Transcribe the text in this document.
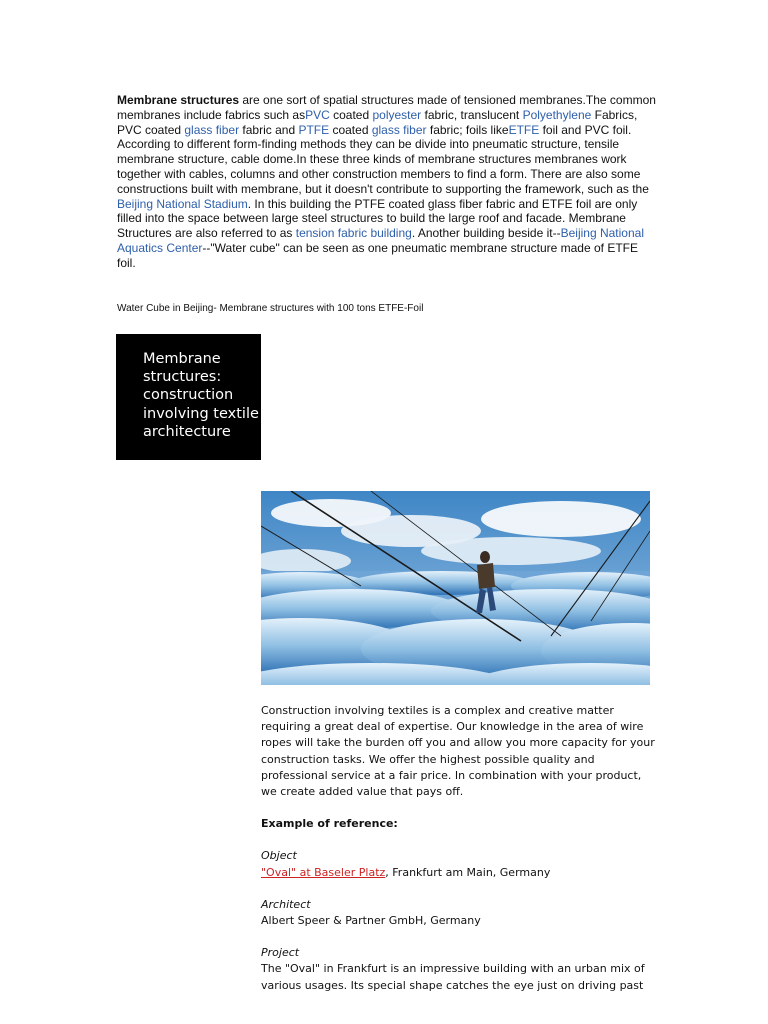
Membrane structures are one sort of spatial structures made of tensioned membranes.The common membranes include fabrics such asPVC coated polyester fabric, translucent Polyethylene Fabrics, PVC coated glass fiber fabric and PTFE coated glass fiber fabric; foils likeETFE foil and PVC foil. According to different form-finding methods they can be divide into pneumatic structure, tensile membrane structure, cable dome.In these three kinds of membrane structures membranes work together with cables, columns and other construction members to find a form. There are also some constructions built with membrane, but it doesn't contribute to supporting the framework, such as the Beijing National Stadium. In this building the PTFE coated glass fiber fabric and ETFE foil are only filled into the space between large steel structures to build the large roof and facade. Membrane Structures are also referred to as tension fabric building. Another building beside it--Beijing National Aquatics Center--"Water cube" can be seen as one pneumatic membrane structure made of ETFE foil.
Water Cube in Beijing- Membrane structures with 100 tons ETFE-Foil
Membrane structures: construction involving textile architecture

Construction involving textiles is a complex and creative matter requiring a great deal of expertise. Our knowledge in the area of wire ropes will take the burden off you and allow you more capacity for your construction tasks. We offer the highest possible quality and professional service at a fair price. In combination with your product, we create added value that pays off.

Example of reference:

Object

"Oval" at Baseler Platz, Frankfurt am Main, Germany

Architect

Albert Speer & Partner GmbH, Germany

Project

The "Oval" in Frankfurt is an impressive building with an urban mix of various usages. Its special shape catches the eye just on driving past
